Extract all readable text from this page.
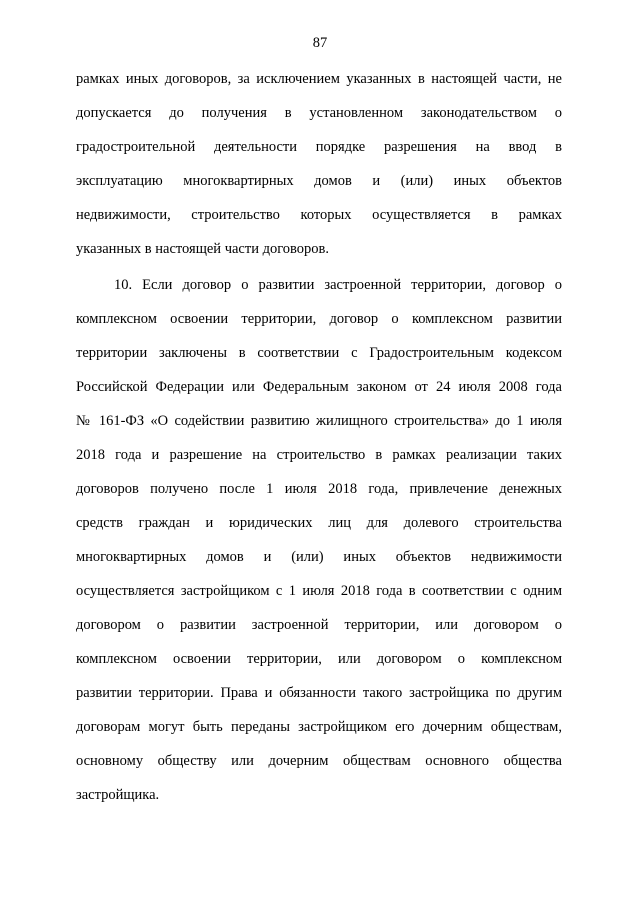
87
рамках иных договоров, за исключением указанных в настоящей части, не
допускается до получения в установленном законодательством о
градостроительной деятельности порядке разрешения на ввод в
эксплуатацию многоквартирных домов и (или) иных объектов
недвижимости, строительство которых осуществляется в рамках
указанных в настоящей части договоров.
10. Если договор о развитии застроенной территории, договор о
комплексном освоении территории, договор о комплексном развитии
территории заключены в соответствии с Градостроительным кодексом
Российской Федерации или Федеральным законом от 24 июля 2008 года
№ 161-ФЗ «О содействии развитию жилищного строительства» до 1 июля
2018 года и разрешение на строительство в рамках реализации таких
договоров получено после 1 июля 2018 года, привлечение денежных
средств граждан и юридических лиц для долевого строительства
многоквартирных домов и (или) иных объектов недвижимости
осуществляется застройщиком с 1 июля 2018 года в соответствии с одним
договором о развитии застроенной территории, или договором о
комплексном освоении территории, или договором о комплексном
развитии территории. Права и обязанности такого застройщика по другим
договорам могут быть переданы застройщиком его дочерним обществам,
основному обществу или дочерним обществам основного общества
застройщика.
